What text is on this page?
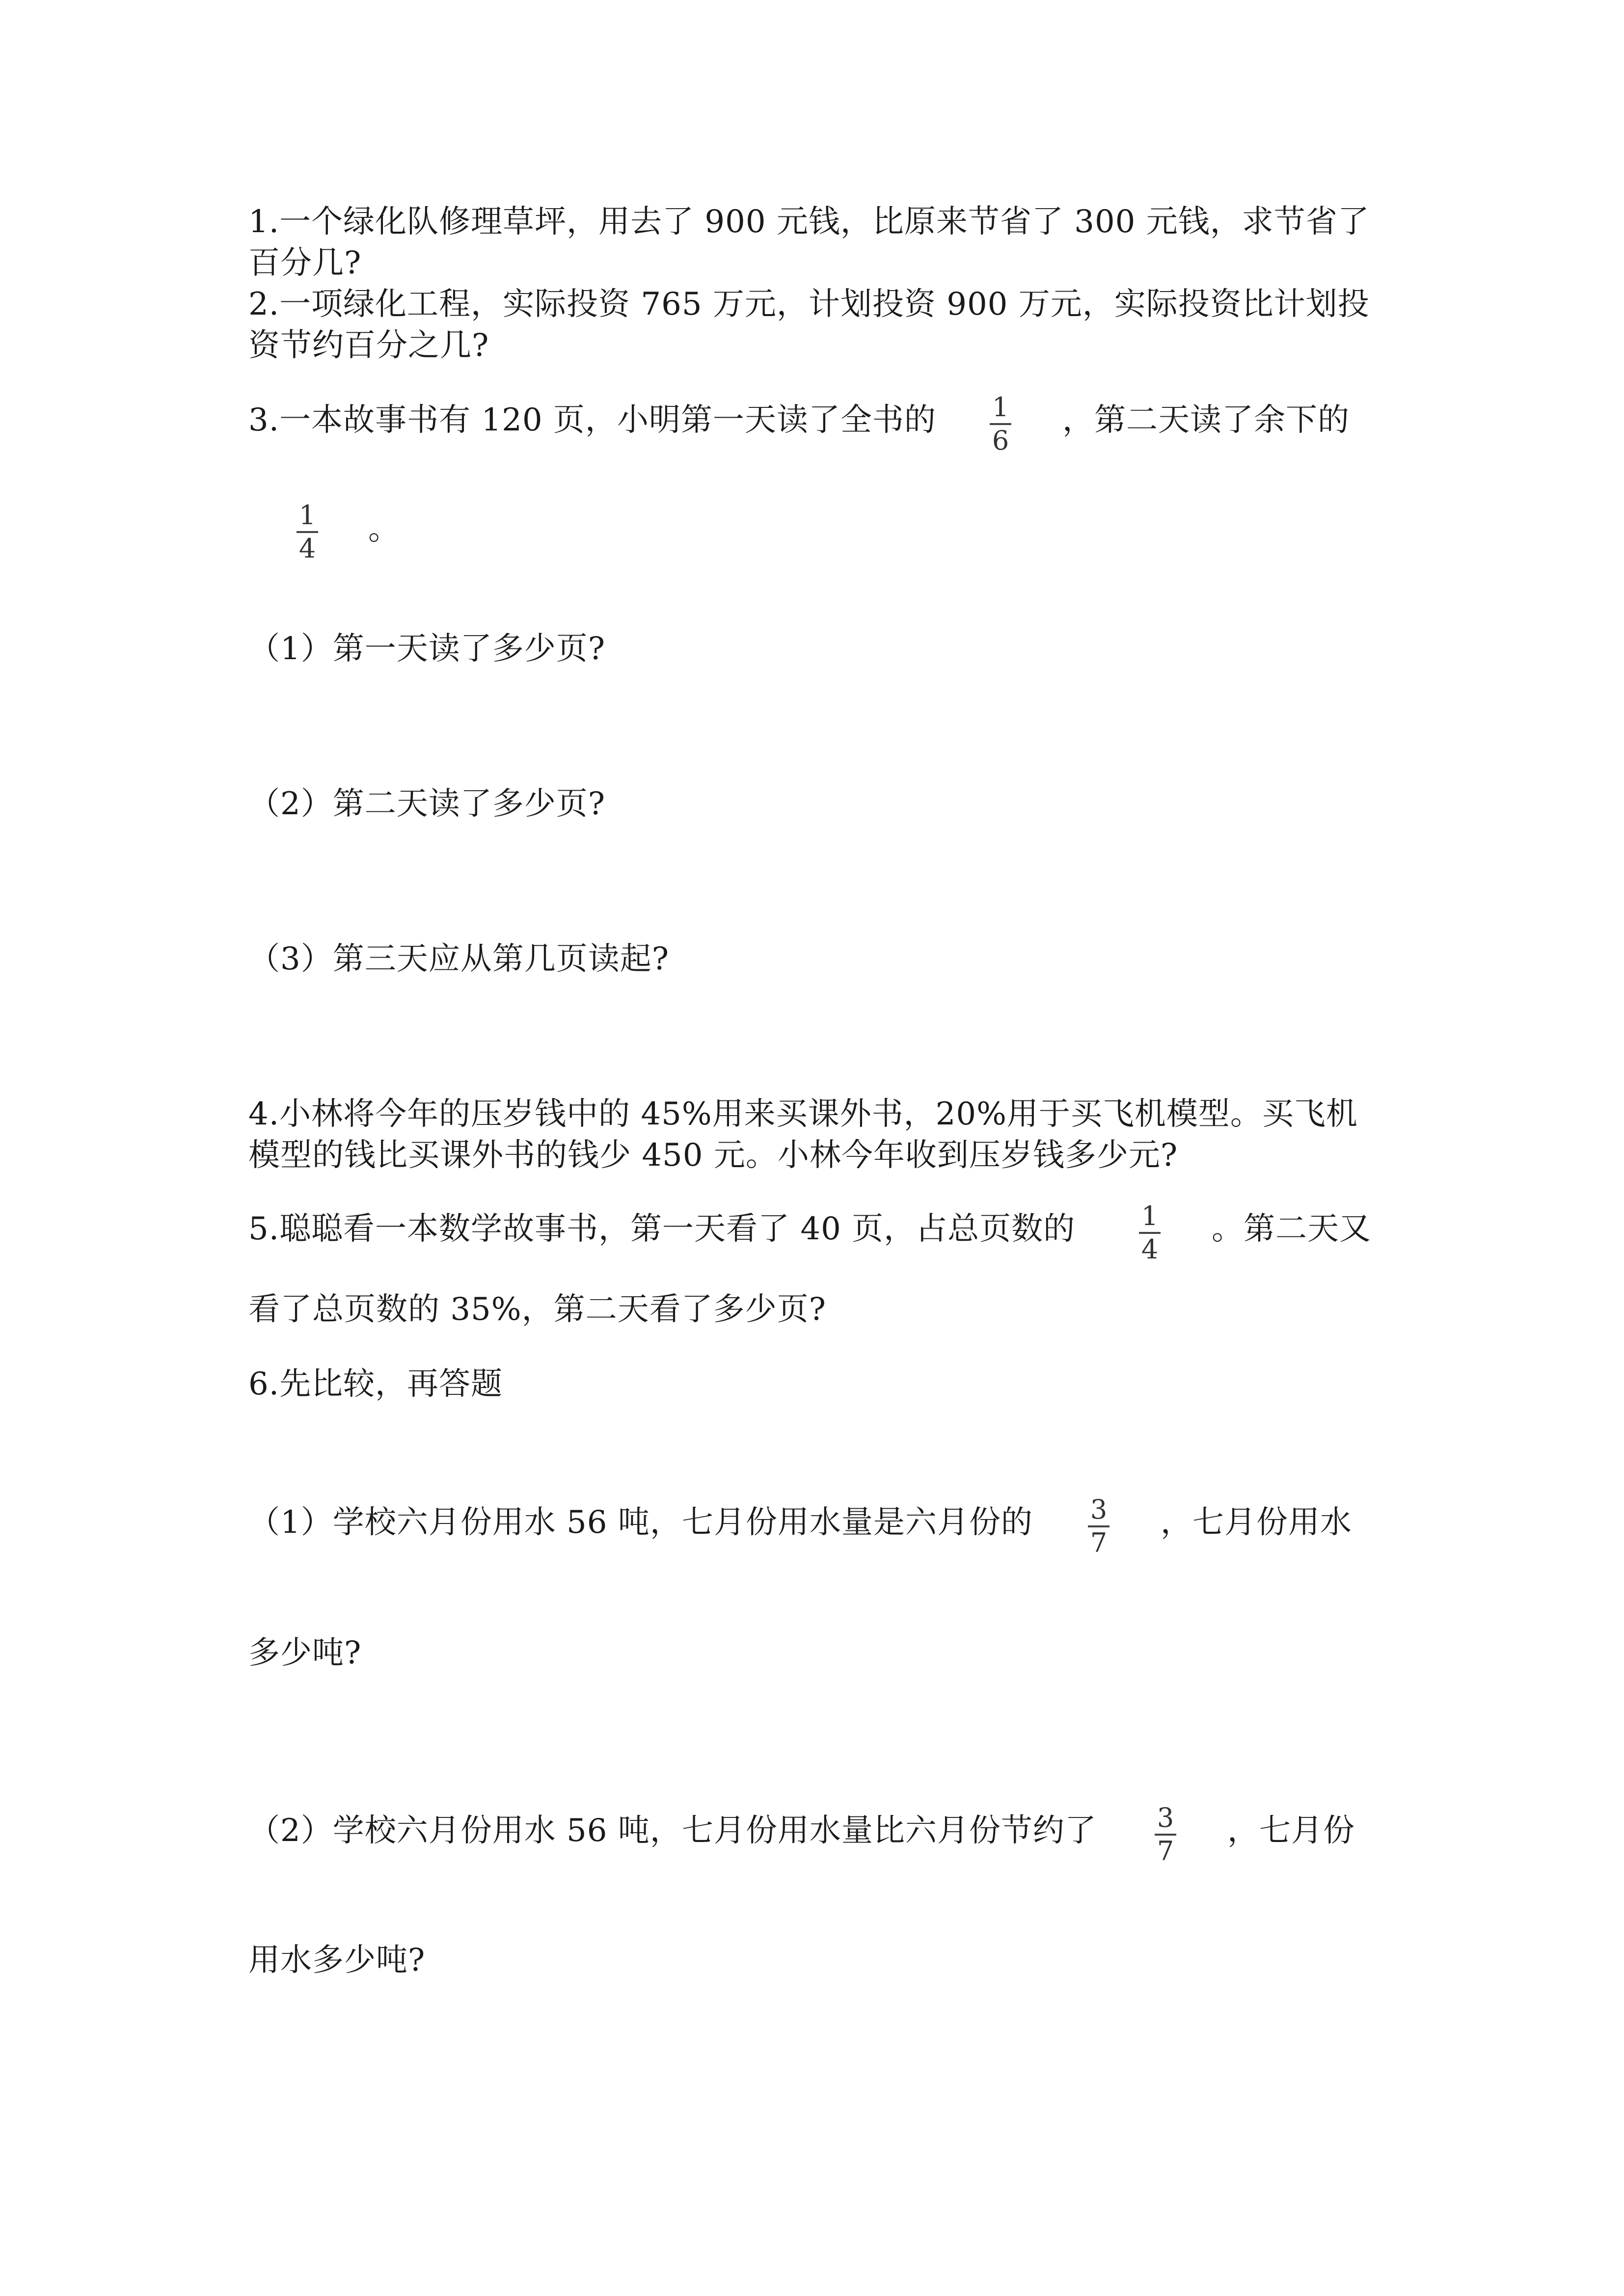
1.一个绿化队修理草坪，用去了 900 元钱，比原来节省了 300 元钱，求节省了
百分几?
2.一项绿化工程，实际投资 765 万元，计划投资 900 万元，实际投资比计划投
资节约百分之几?
3.一本故事书有 120 页，小明第一天读了全书的 1
6
，第二天读了余下的
1
4
。
（1）第一天读了多少页?
（2）第二天读了多少页?
（3）第三天应从第几页读起?
4.小林将今年的压岁钱中的 45%用来买课外书，20%用于买飞机模型。买飞机
模型的钱比买课外书的钱少 450 元。小林今年收到压岁钱多少元?
5.聪聪看一本数学故事书，第一天看了 40 页，占总页数的 1
4
。第二天又
看了总页数的 35%，第二天看了多少页?
6.先比较，再答题
（1）学校六月份用水 56 吨，七月份用水量是六月份的 3
7
，七月份用水
多少吨?
（2）学校六月份用水 56 吨，七月份用水量比六月份节约了 3
7
，七月份
用水多少吨?
